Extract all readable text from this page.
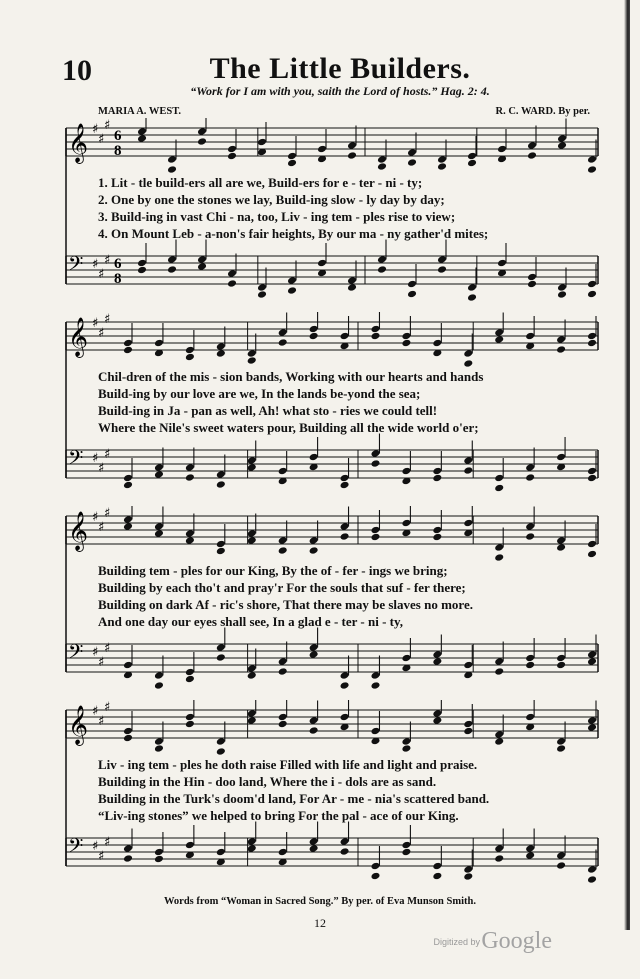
10	The Little Builders.
“Work for I am with you, saith the Lord of hosts.” Hag. 2: 4.
MARIA A. WEST.	R. C. WARD. By per.
𝄞 ♯
♯
♯
6
8
𝄢 ♯
♯
♯ 6
8
1. Lit - tle build-ers all are we, Build-ers for e - ter - ni - ty;
2. One by one the stones we lay, Build-ing slow - ly day by day;
3. Build-ing in vast Chi - na, too, Liv - ing tem - ples rise to view;
4. On Mount Leb - a-non's fair heights, By our ma - ny gather'd mites;
𝄞 ♯
♯
♯
𝄢 ♯
♯
♯
Chil-dren of the mis - sion bands, Working with our hearts and hands
Build-ing by our love are we, In the lands be-yond the sea;
Build-ing in Ja - pan as well, Ah! what sto - ries we could tell!
Where the Nile's sweet waters pour, Building all the wide world o'er;
𝄞 ♯
♯
♯
𝄢 ♯
♯
♯
Building tem - ples for our King, By the of - fer - ings we bring;
Building by each tho't and pray'r For the souls that suf - fer there;
Building on dark Af - ric's shore, That there may be slaves no more.
And one day our eyes shall see, In a glad e - ter - ni - ty,
𝄞 ♯
♯
♯
𝄢 ♯
♯
♯
Liv - ing tem - ples he doth raise Filled with life and light and praise.
Building in the Hin - doo land, Where the i - dols are as sand.
Building in the Turk's doom'd land, For Ar - me - nia's scattered band.
“Liv-ing stones” we helped to bring For the pal - ace of our King.
Words from “Woman in Sacred Song.” By per. of Eva Munson Smith.
12
Google
Digitized by
